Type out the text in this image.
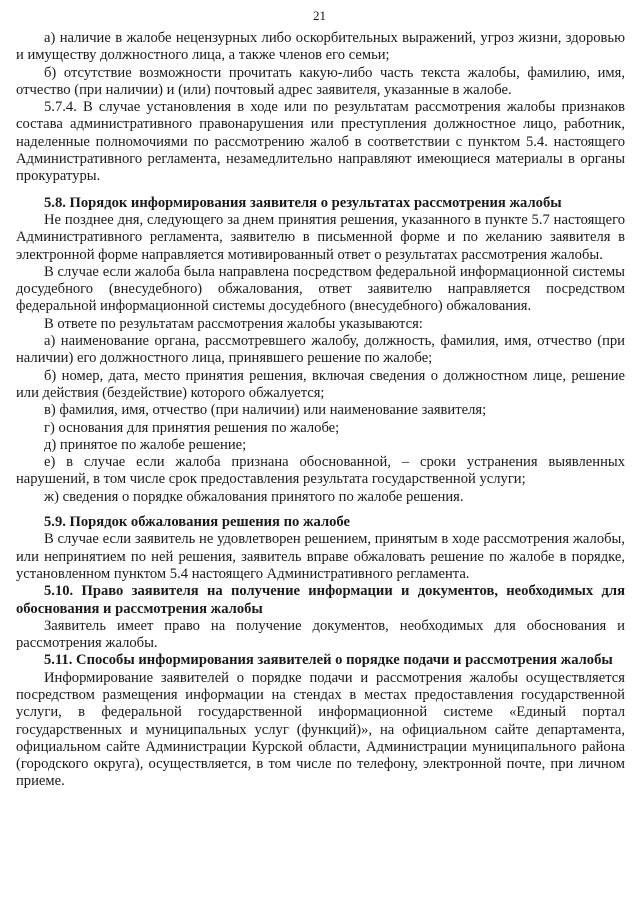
21

а) наличие в жалобе нецензурных либо оскорбительных выражений, угроз жизни, здоровью и имуществу должностного лица, а также членов его семьи;

б) отсутствие возможности прочитать какую-либо часть текста жалобы, фамилию, имя, отчество (при наличии) и (или) почтовый адрес заявителя, указанные в жалобе.

5.7.4. В случае установления в ходе или по результатам рассмотрения жалобы признаков состава административного правонарушения или преступления должностное лицо, работник, наделенные полномочиями по рассмотрению жалоб в соответствии с пунктом 5.4. настоящего Административного регламента, незамедлительно направляют имеющиеся материалы в органы прокуратуры.

5.8. Порядок информирования заявителя о результатах рассмотрения жалобы

Не позднее дня, следующего за днем принятия решения, указанного в пункте 5.7 настоящего Административного регламента, заявителю в письменной форме и по желанию заявителя в электронной форме направляется мотивированный ответ о результатах рассмотрения жалобы.

В случае если жалоба была направлена посредством федеральной информационной системы досудебного (внесудебного) обжалования, ответ заявителю направляется посредством федеральной информационной системы досудебного (внесудебного) обжалования.

В ответе по результатам рассмотрения жалобы указываются:

а) наименование органа, рассмотревшего жалобу, должность, фамилия, имя, отчество (при наличии) его должностного лица, принявшего решение по жалобе;

б) номер, дата, место принятия решения, включая сведения о должностном лице, решение или действия (бездействие) которого обжалуется;

в) фамилия, имя, отчество (при наличии) или наименование заявителя;

г) основания для принятия решения по жалобе;

д) принятое по жалобе решение;

е) в случае если жалоба признана обоснованной, – сроки устранения выявленных нарушений, в том числе срок предоставления результата государственной услуги;

ж) сведения о порядке обжалования принятого по жалобе решения.

5.9. Порядок обжалования решения по жалобе

В случае если заявитель не удовлетворен решением, принятым в ходе рассмотрения жалобы, или непринятием по ней решения, заявитель вправе обжаловать решение по жалобе в порядке, установленном пунктом 5.4 настоящего Административного регламента.

5.10. Право заявителя на получение информации и документов, необходимых для обоснования и рассмотрения жалобы

Заявитель имеет право на получение документов, необходимых для обоснования и рассмотрения жалобы.

5.11. Способы информирования заявителей о порядке подачи и рассмотрения жалобы

Информирование заявителей о порядке подачи и рассмотрения жалобы осуществляется посредством размещения информации на стендах в местах предоставления государственной услуги, в федеральной государственной информационной системе «Единый портал государственных и муниципальных услуг (функций)», на официальном сайте департамента, официальном сайте Администрации Курской области, Администрации муниципального района (городского округа), осуществляется, в том числе по телефону, электронной почте, при личном приеме.
